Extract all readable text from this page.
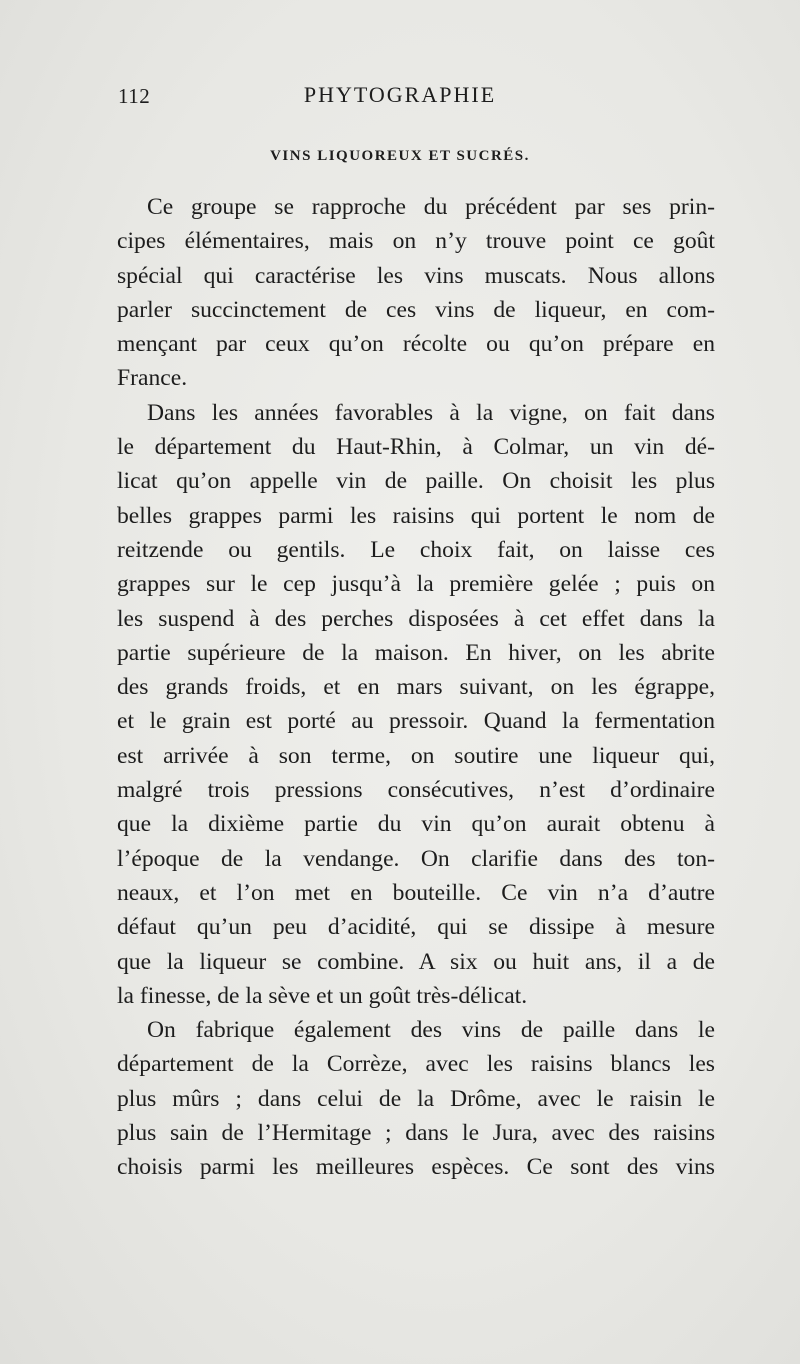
112	PHYTOGRAPHIE
VINS LIQUOREUX ET SUCRÉS.
Ce groupe se rapproche du précédent par ses prin-
cipes élémentaires, mais on n’y trouve point ce goût
spécial qui caractérise les vins muscats. Nous allons
parler succinctement de ces vins de liqueur, en com-
mençant par ceux qu’on récolte ou qu’on prépare en
France.
Dans les années favorables à la vigne, on fait dans
le département du Haut-Rhin, à Colmar, un vin dé-
licat qu’on appelle vin de paille. On choisit les plus
belles grappes parmi les raisins qui portent le nom de
reitzende ou gentils. Le choix fait, on laisse ces
grappes sur le cep jusqu’à la première gelée ; puis on
les suspend à des perches disposées à cet effet dans la
partie supérieure de la maison. En hiver, on les abrite
des grands froids, et en mars suivant, on les égrappe,
et le grain est porté au pressoir. Quand la fermentation
est arrivée à son terme, on soutire une liqueur qui,
malgré trois pressions consécutives, n’est d’ordinaire
que la dixième partie du vin qu’on aurait obtenu à
l’époque de la vendange. On clarifie dans des ton-
neaux, et l’on met en bouteille. Ce vin n’a d’autre
défaut qu’un peu d’acidité, qui se dissipe à mesure
que la liqueur se combine. A six ou huit ans, il a de
la finesse, de la sève et un goût très-délicat.
On fabrique également des vins de paille dans le
département de la Corrèze, avec les raisins blancs les
plus mûrs ; dans celui de la Drôme, avec le raisin le
plus sain de l’Hermitage ; dans le Jura, avec des raisins
choisis parmi les meilleures espèces. Ce sont des vins
